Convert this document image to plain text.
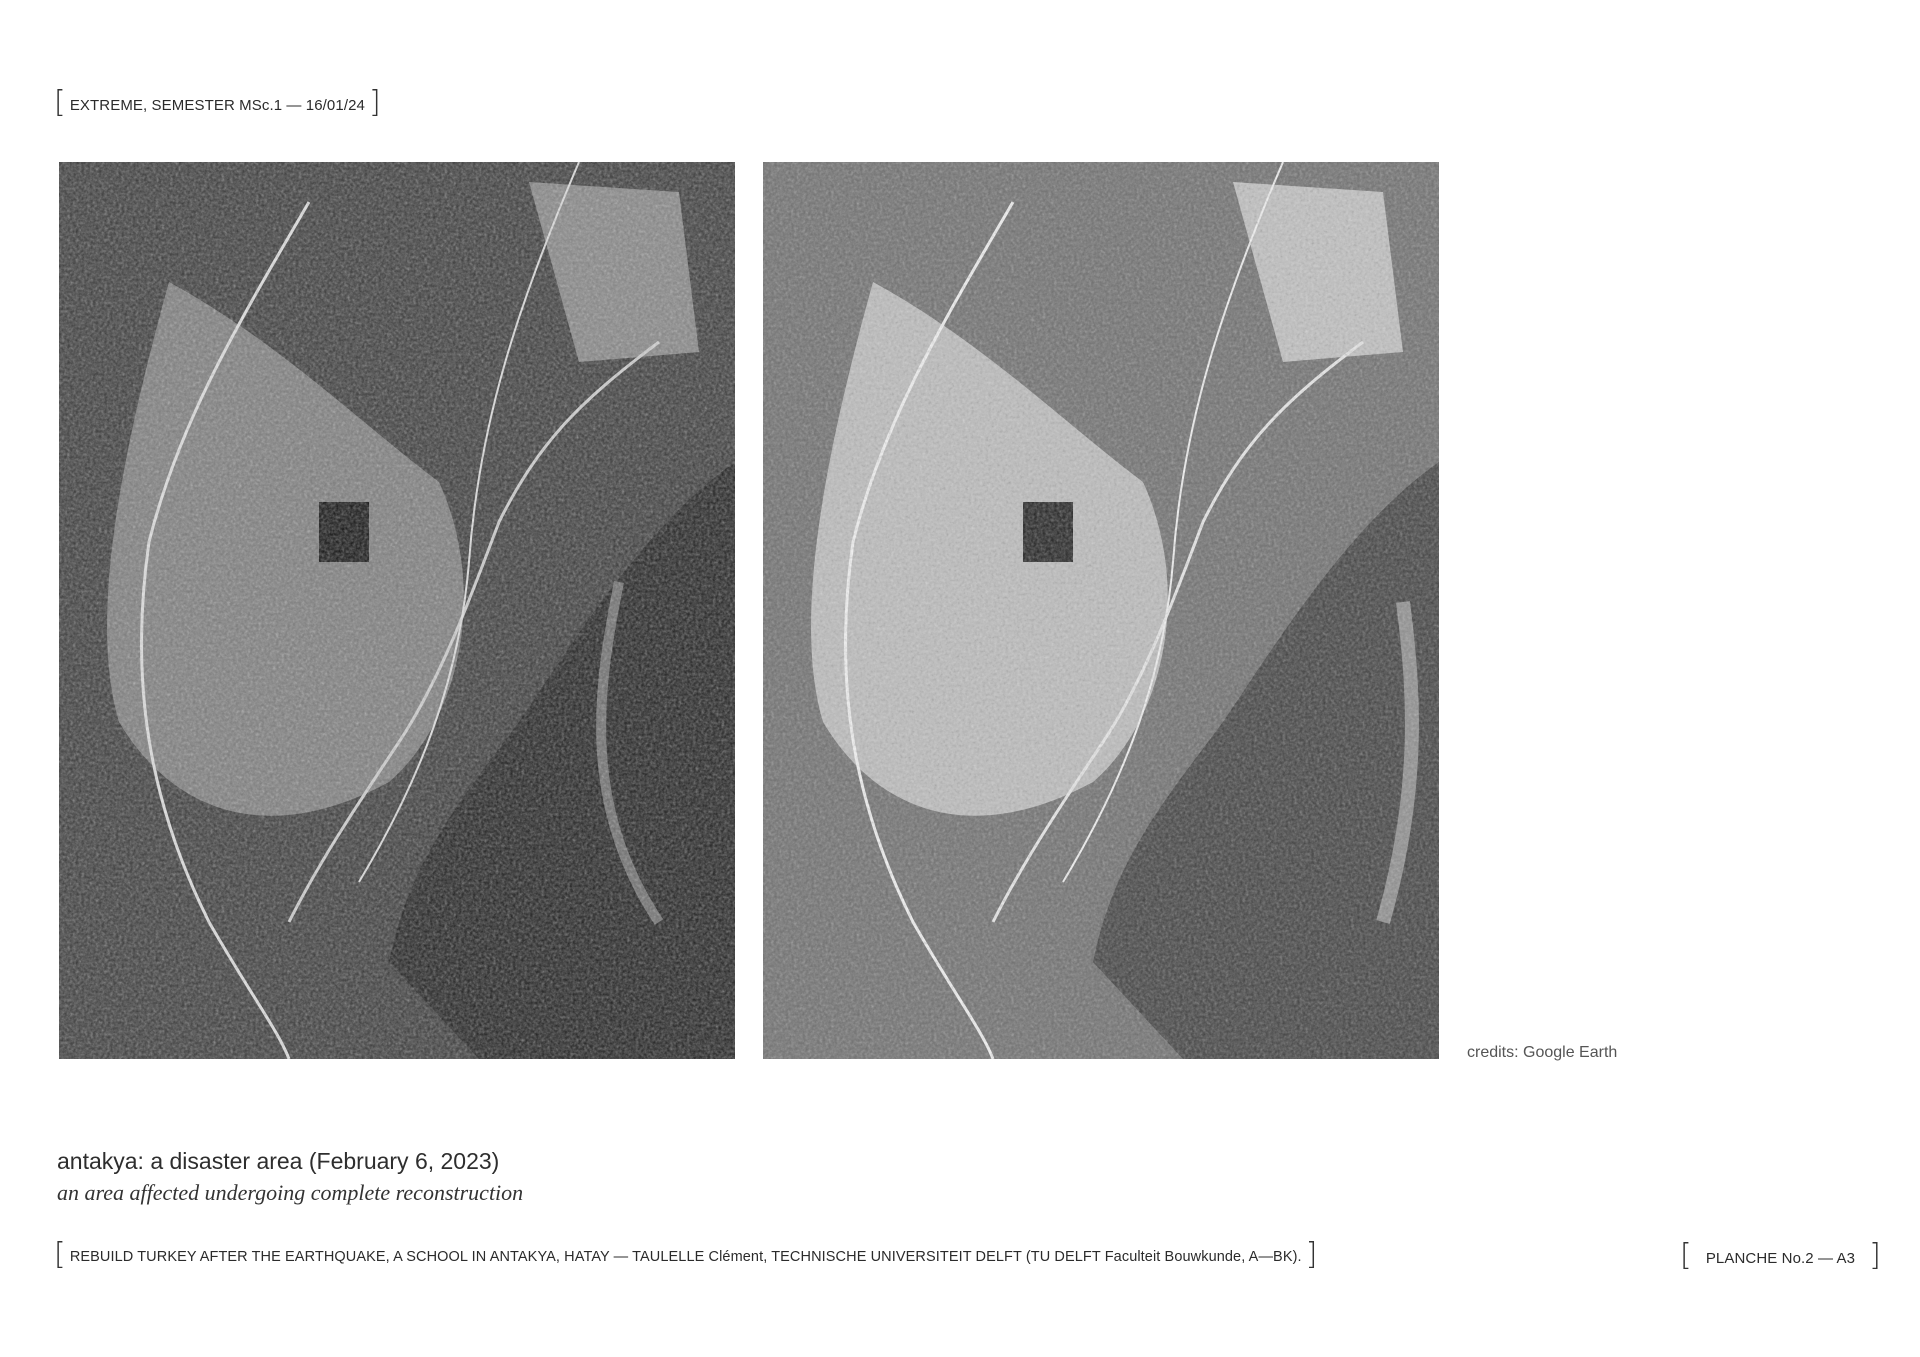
[ EXTREME, SEMESTER MSc.1 — 16/01/24 ]
credits: Google Earth
antakya: a disaster area (February 6, 2023)
an area affected undergoing complete reconstruction
[ REBUILD TURKEY AFTER THE EARTHQUAKE, A SCHOOL IN ANTAKYA, HATAY — TAULELLE Clément, TECHNISCHE UNIVERSITEIT DELFT (TU DELFT Faculteit Bouwkunde, A—BK). ]	[ PLANCHE No.2 — A3 ]
